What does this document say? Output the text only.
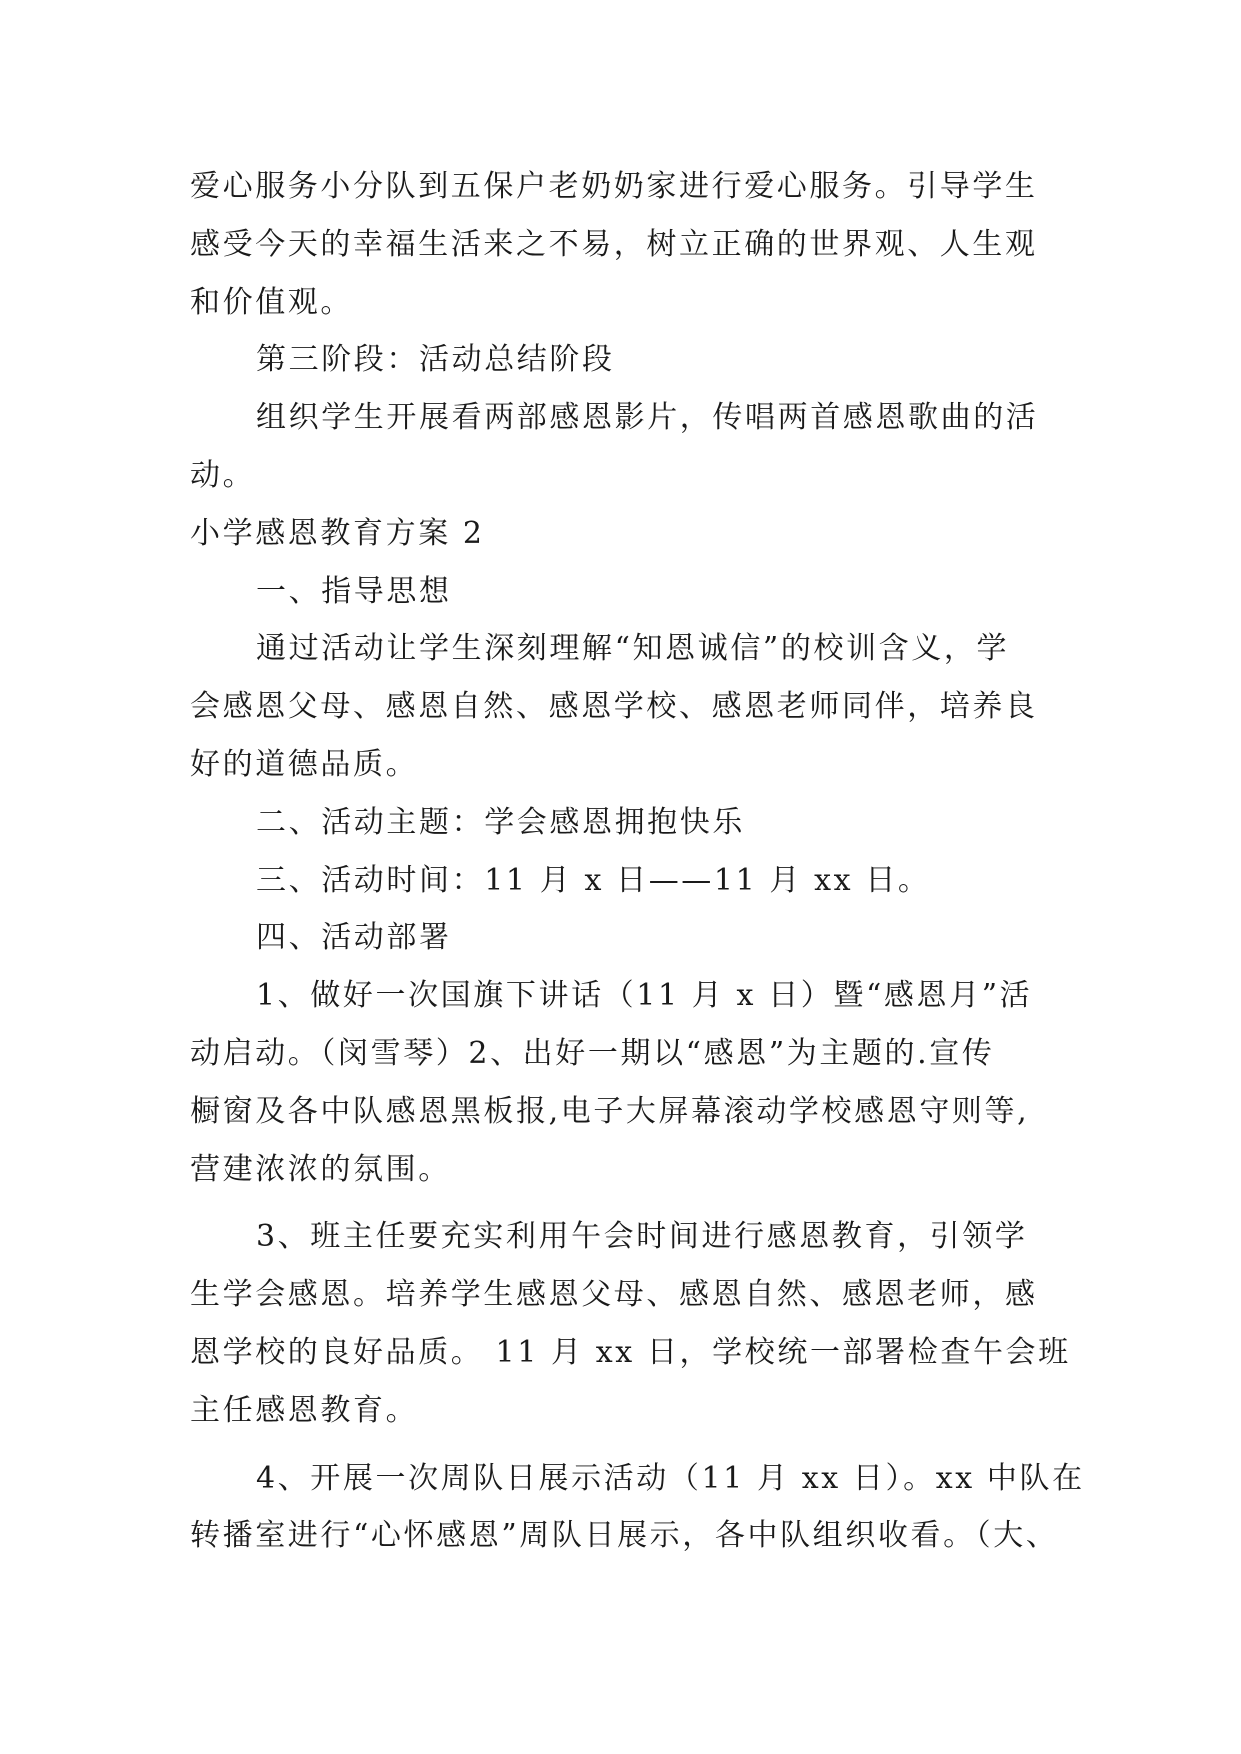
爱心服务小分队到五保户老奶奶家进行爱心服务。引导学生
感受今天的幸福生活来之不易，树立正确的世界观、人生观
和价值观。
第三阶段：活动总结阶段
组织学生开展看两部感恩影片，传唱两首感恩歌曲的活
动。
小学感恩教育方案 2
一、指导思想
通过活动让学生深刻理解“知恩诚信”的校训含义，学
会感恩父母、感恩自然、感恩学校、感恩老师同伴，培养良
好的道德品质。
二、活动主题：学会感恩拥抱快乐
三、活动时间：11 月 x 日——11 月 xx 日。
四、活动部署
1、做好一次国旗下讲话（11 月 x 日）暨“感恩月”活
动启动。（闵雪琴）2、出好一期以“感恩”为主题的.宣传
橱窗及各中队感恩黑板报,电子大屏幕滚动学校感恩守则等,
营建浓浓的氛围。
3、班主任要充实利用午会时间进行感恩教育，引领学
生学会感恩。培养学生感恩父母、感恩自然、感恩老师，感
恩学校的良好品质。 11 月 xx 日，学校统一部署检查午会班
主任感恩教育。
4、开展一次周队日展示活动（11 月 xx 日）。xx 中队在
转播室进行“心怀感恩”周队日展示，各中队组织收看。（大、
